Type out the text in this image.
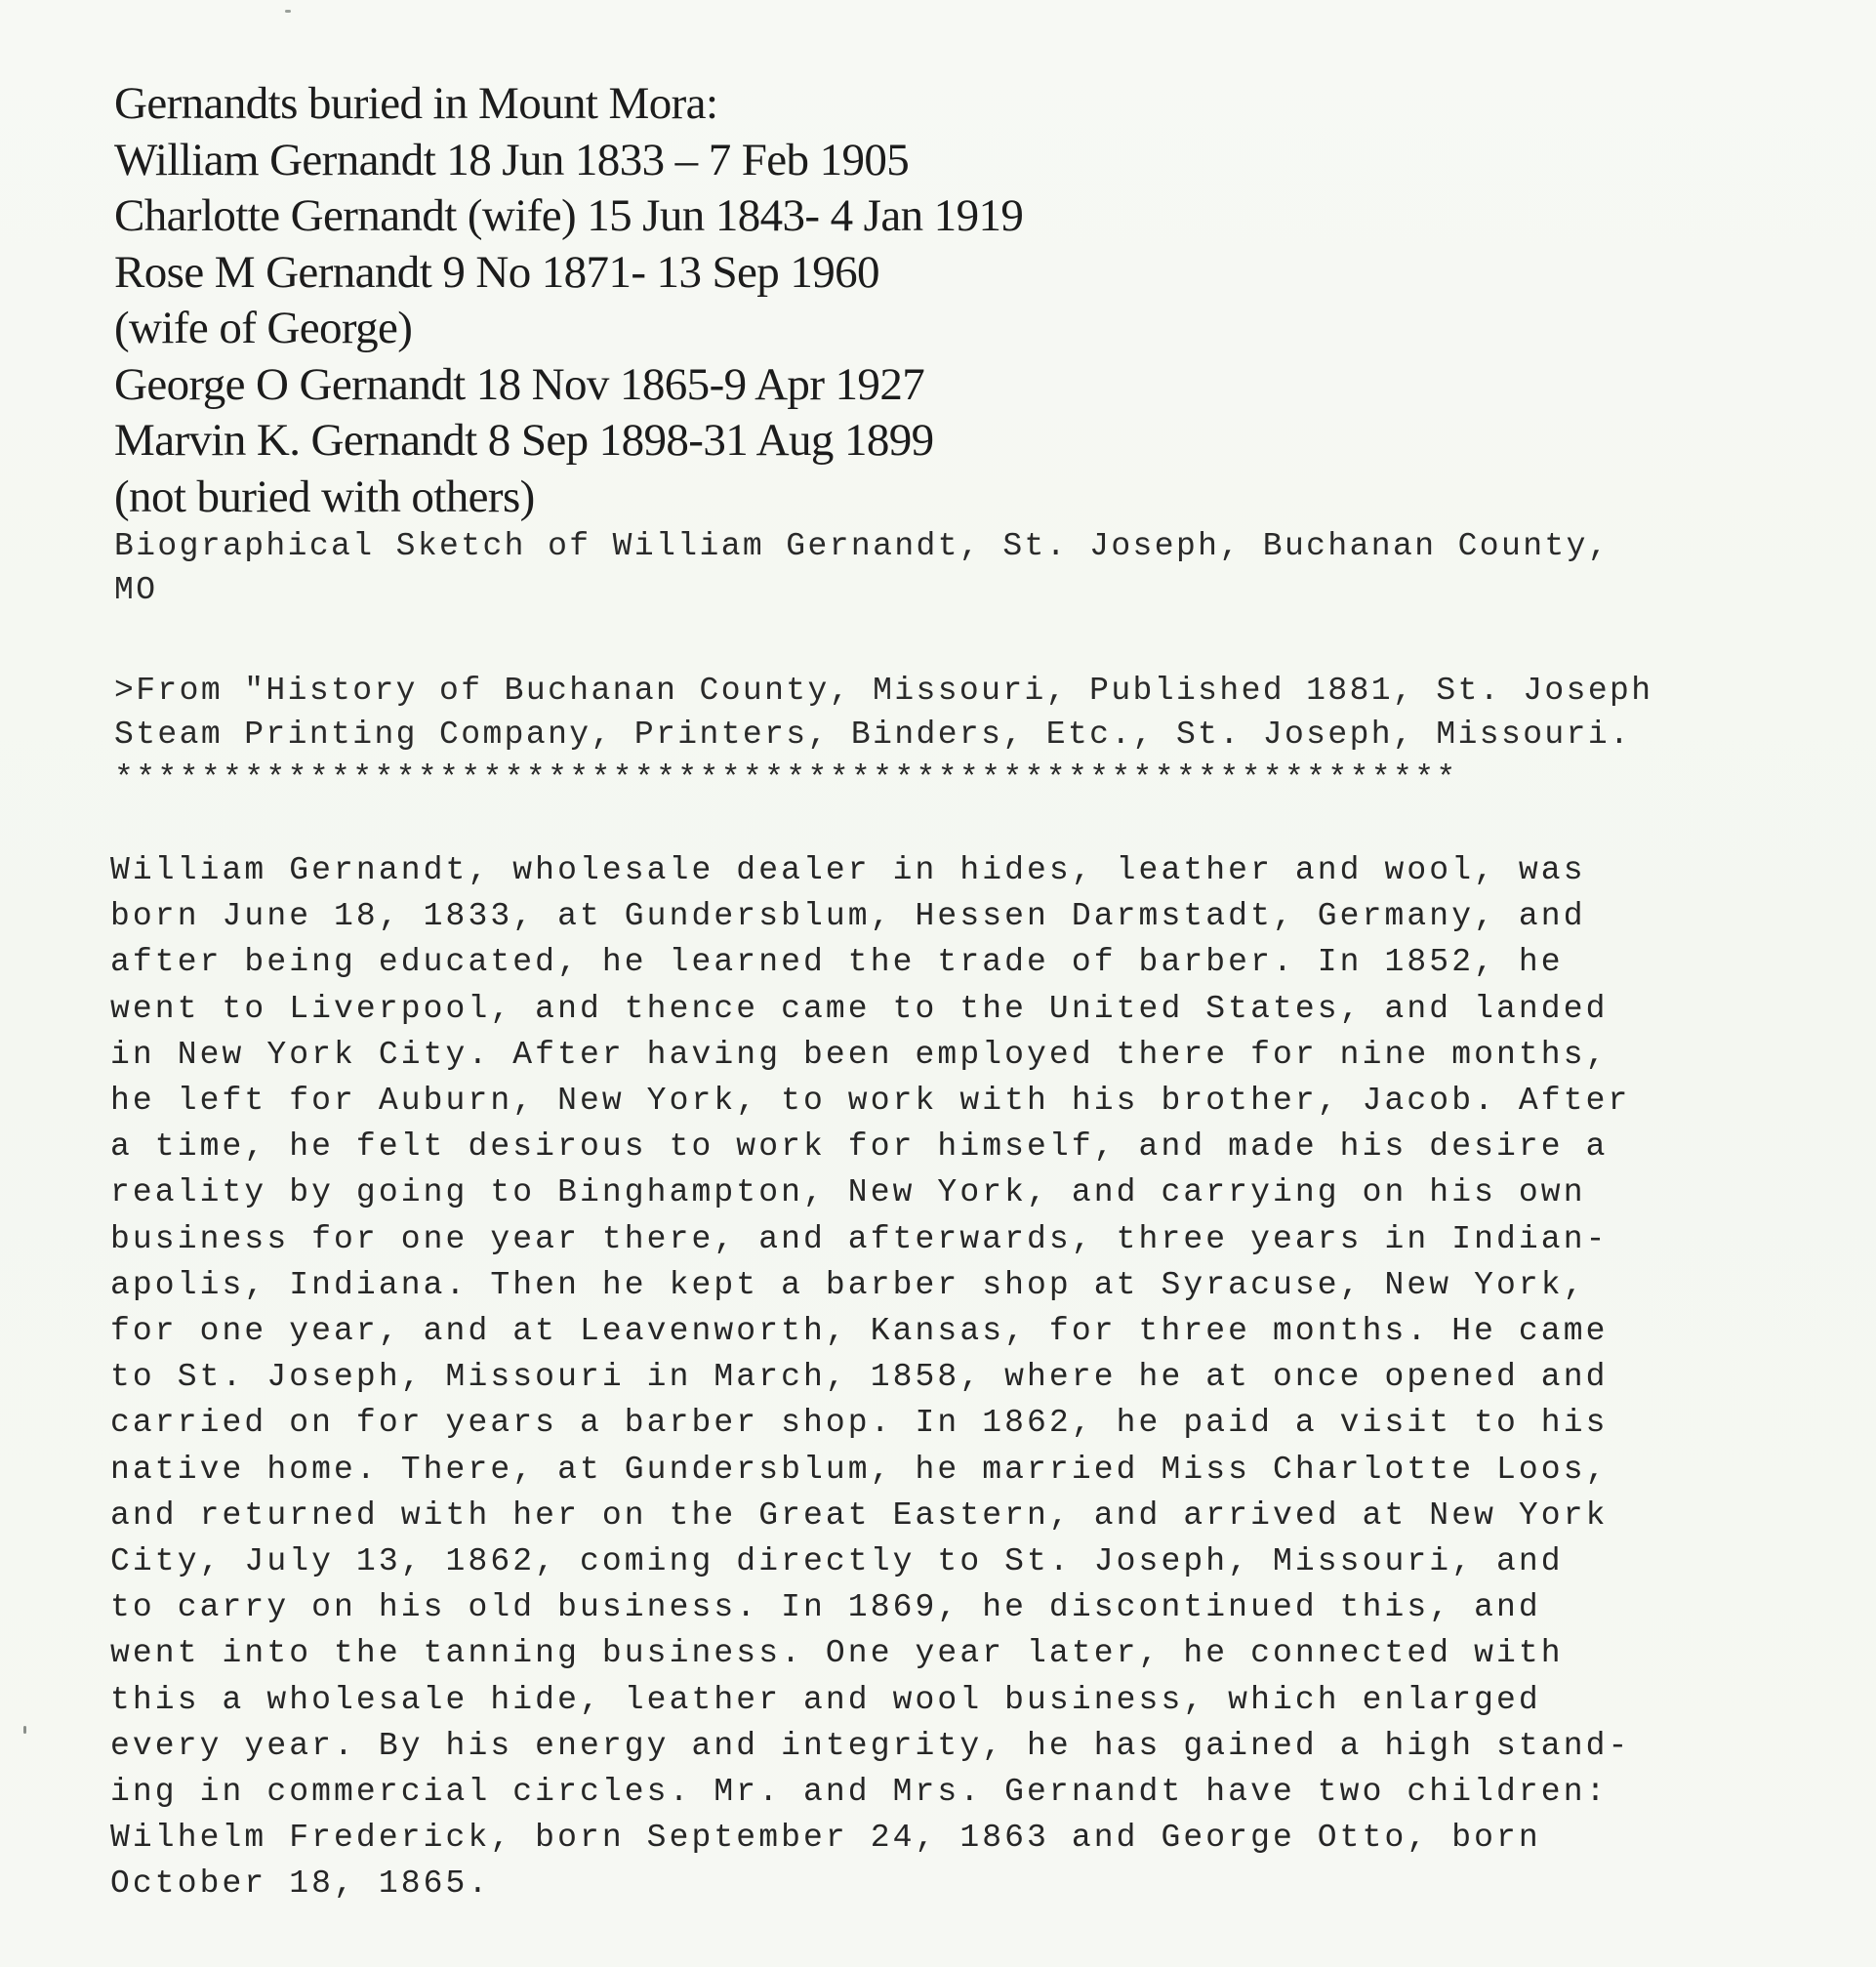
Gernandts buried in Mount Mora:
William Gernandt 18 Jun 1833 – 7 Feb 1905
Charlotte Gernandt (wife) 15 Jun 1843- 4 Jan 1919
Rose M Gernandt 9 No 1871- 13 Sep 1960
(wife of George)
George O Gernandt 18 Nov 1865-9 Apr 1927
Marvin K. Gernandt 8 Sep 1898-31 Aug 1899
(not buried with others)
Biographical Sketch of William Gernandt, St. Joseph, Buchanan County,
MO
>From "History of Buchanan County, Missouri, Published 1881, St. Joseph
Steam Printing Company, Printers, Binders, Etc., St. Joseph, Missouri.
**************************************************************
William Gernandt, wholesale dealer in hides, leather and wool, was
born June 18, 1833, at Gundersblum, Hessen Darmstadt, Germany, and
after being educated, he learned the trade of barber. In 1852, he
went to Liverpool, and thence came to the United States, and landed
in New York City. After having been employed there for nine months,
he left for Auburn, New York, to work with his brother, Jacob. After
a time, he felt desirous to work for himself, and made his desire a
reality by going to Binghampton, New York, and carrying on his own
business for one year there, and afterwards, three years in Indian-
apolis, Indiana. Then he kept a barber shop at Syracuse, New York,
for one year, and at Leavenworth, Kansas, for three months. He came
to St. Joseph, Missouri in March, 1858, where he at once opened and
carried on for years a barber shop. In 1862, he paid a visit to his
native home. There, at Gundersblum, he married Miss Charlotte Loos,
and returned with her on the Great Eastern, and arrived at New York
City, July 13, 1862, coming directly to St. Joseph, Missouri, and
to carry on his old business. In 1869, he discontinued this, and
went into the tanning business. One year later, he connected with
this a wholesale hide, leather and wool business, which enlarged
every year. By his energy and integrity, he has gained a high stand-
ing in commercial circles. Mr. and Mrs. Gernandt have two children:
Wilhelm Frederick, born September 24, 1863 and George Otto, born
October 18, 1865.
